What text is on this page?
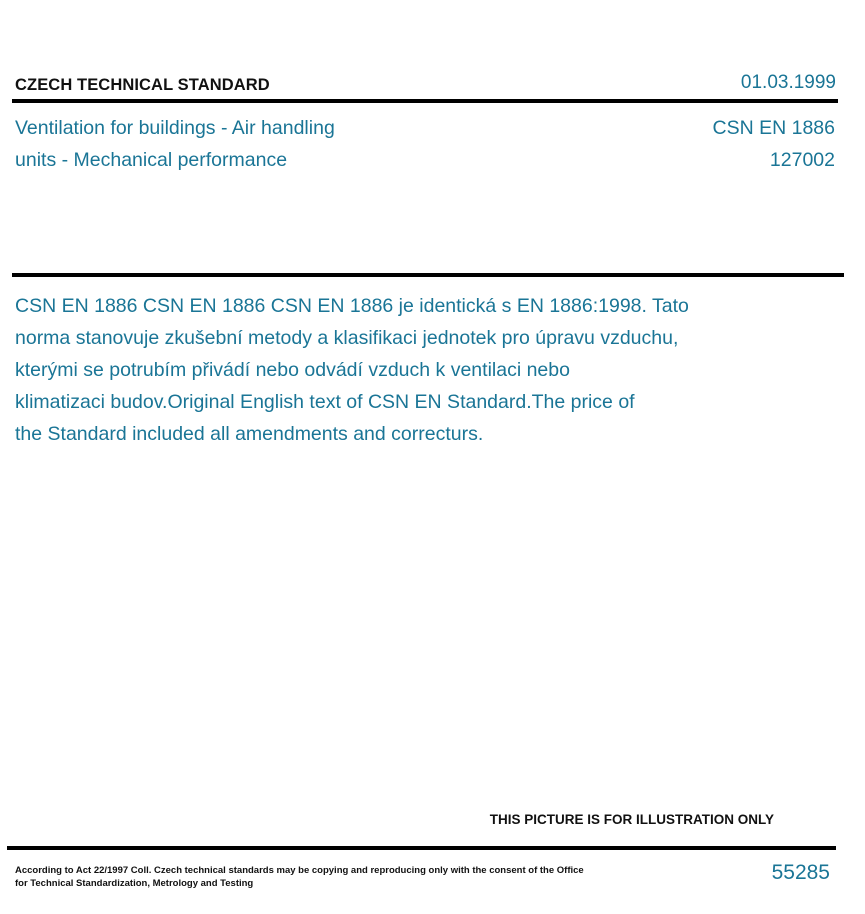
CZECH TECHNICAL STANDARD	01.03.1999
Ventilation for buildings - Air handling
units - Mechanical performance
CSN EN 1886
127002
CSN EN 1886 CSN EN 1886 CSN EN 1886 je identická s EN 1886:1998. Tato
norma stanovuje zkušební metody a klasifikaci jednotek pro úpravu vzduchu,
kterými se potrubím přivádí nebo odvádí vzduch k ventilaci nebo
klimatizaci budov.Original English text of CSN EN Standard.The price of
the Standard included all amendments and correcturs.
THIS PICTURE IS FOR ILLUSTRATION ONLY
According to Act 22/1997 Coll. Czech technical standards may be copying and reproducing only with the consent of the Office
for Technical Standardization, Metrology and Testing	55285
